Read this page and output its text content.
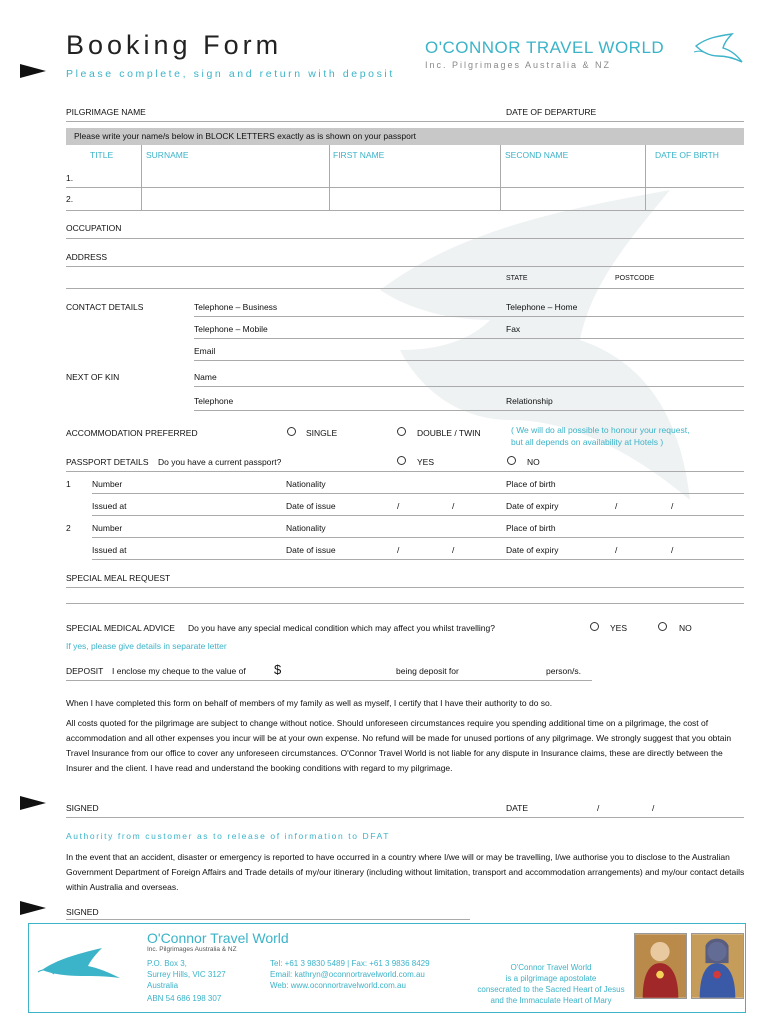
Booking Form
Please complete, sign and return with deposit
O'CONNOR TRAVEL WORLD
Inc. Pilgrimages Australia & NZ
PILGRIMAGE NAME	DATE OF DEPARTURE
Please write your name/s below in BLOCK LETTERS exactly as is shown on your passport
TITLE	SURNAME	FIRST NAME	SECOND NAME	DATE OF BIRTH
1.
2.
OCCUPATION
ADDRESS
STATE	POSTCODE
CONTACT DETAILS	Telephone – Business	Telephone – Home
Telephone – Mobile	Fax
Email
NEXT OF KIN	Name
Telephone	Relationship
ACCOMMODATION PREFERRED	SINGLE	DOUBLE / TWIN	( We will do all possible to honour your request,
but all depends on availability at Hotels )
PASSPORT DETAILS Do you have a current passport?	YES	NO
1	Number	Nationality	Place of birth
Issued at	Date of issue	/	/	Date of expiry	/	/
2	Number	Nationality	Place of birth
Issued at	Date of issue	/	/	Date of expiry	/	/
SPECIAL MEAL REQUEST
SPECIAL MEDICAL ADVICE Do you have any special medical condition which may affect you whilst travelling?	YES	NO
If yes, please give details in separate letter
DEPOSIT I enclose my cheque to the value of $	being deposit for	person/s.
When I have completed this form on behalf of members of my family as well as myself, I certify that I have their authority to do so.
All costs quoted for the pilgrimage are subject to change without notice. Should unforeseen circumstances require you spending additional time on a pilgrimage, the cost of accommodation and all other expenses you incur will be at your own expense. No refund will be made for unused portions of any pilgrimage. We strongly suggest that you obtain Travel Insurance from our office to cover any unforeseen circumstances. O'Connor Travel World is not liable for any dispute in Insurance claims, these are directly between the Insurer and the client. I have read and understand the booking conditions with regard to my pilgrimage.
SIGNED	DATE	/	/
Authority from customer as to release of information to DFAT
In the event that an accident, disaster or emergency is reported to have occurred in a country where I/we will or may be travelling, I/we authorise you to disclose to the Australian Government Department of Foreign Affairs and Trade details of my/our itinerary (including without limitation, transport and accommodation arrangements) and my/our contact details within Australia and overseas.
SIGNED
O'Connor Travel World
Inc. Pilgrimages Australia & NZ
P.O. Box 3,
Surrey Hills, VIC 3127
Australia
ABN 54 686 198 307
Tel: +61 3 9830 5489 | Fax: +61 3 9836 8429
Email: kathryn@oconnortravelworld.com.au
Web: www.oconnortravelworld.com.au
O'Connor Travel World
is a pilgrimage apostolate
consecrated to the Sacred Heart of Jesus
and the Immaculate Heart of Mary
